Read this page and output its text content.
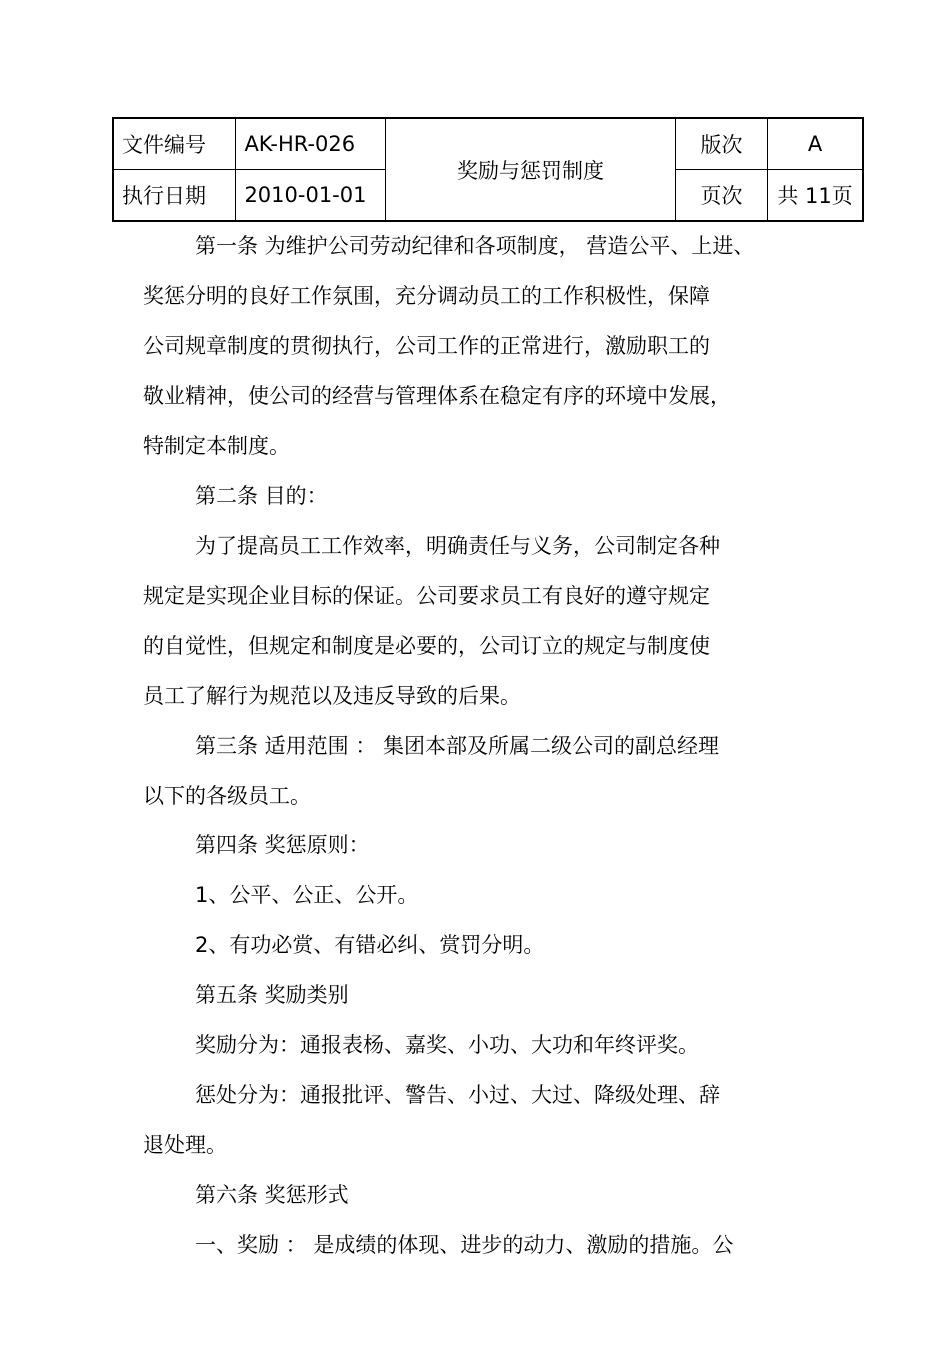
文件编号	AK-HR-026	奖励与惩罚制度	版次	A
执行日期	2010-01-01		页次	共 11页
第一条 为维护公司劳动纪律和各项制度， 营造公平、上进、
奖惩分明的良好工作氛围，充分调动员工的工作积极性，保障
公司规章制度的贯彻执行，公司工作的正常进行，激励职工的
敬业精神，使公司的经营与管理体系在稳定有序的环境中发展，
特制定本制度。
第二条 目的：
为了提高员工工作效率，明确责任与义务，公司制定各种
规定是实现企业目标的保证。公司要求员工有良好的遵守规定
的自觉性，但规定和制度是必要的，公司订立的规定与制度使
员工了解行为规范以及违反导致的后果。
第三条 适用范围 ： 集团本部及所属二级公司的副总经理
以下的各级员工。
第四条 奖惩原则：
1、公平、公正、公开。
2、有功必赏、有错必纠、赏罚分明。
第五条 奖励类别
奖励分为：通报表杨、嘉奖、小功、大功和年终评奖。
惩处分为：通报批评、警告、小过、大过、降级处理、辞
退处理。
第六条 奖惩形式
一、奖励 ： 是成绩的体现、进步的动力、激励的措施。公
